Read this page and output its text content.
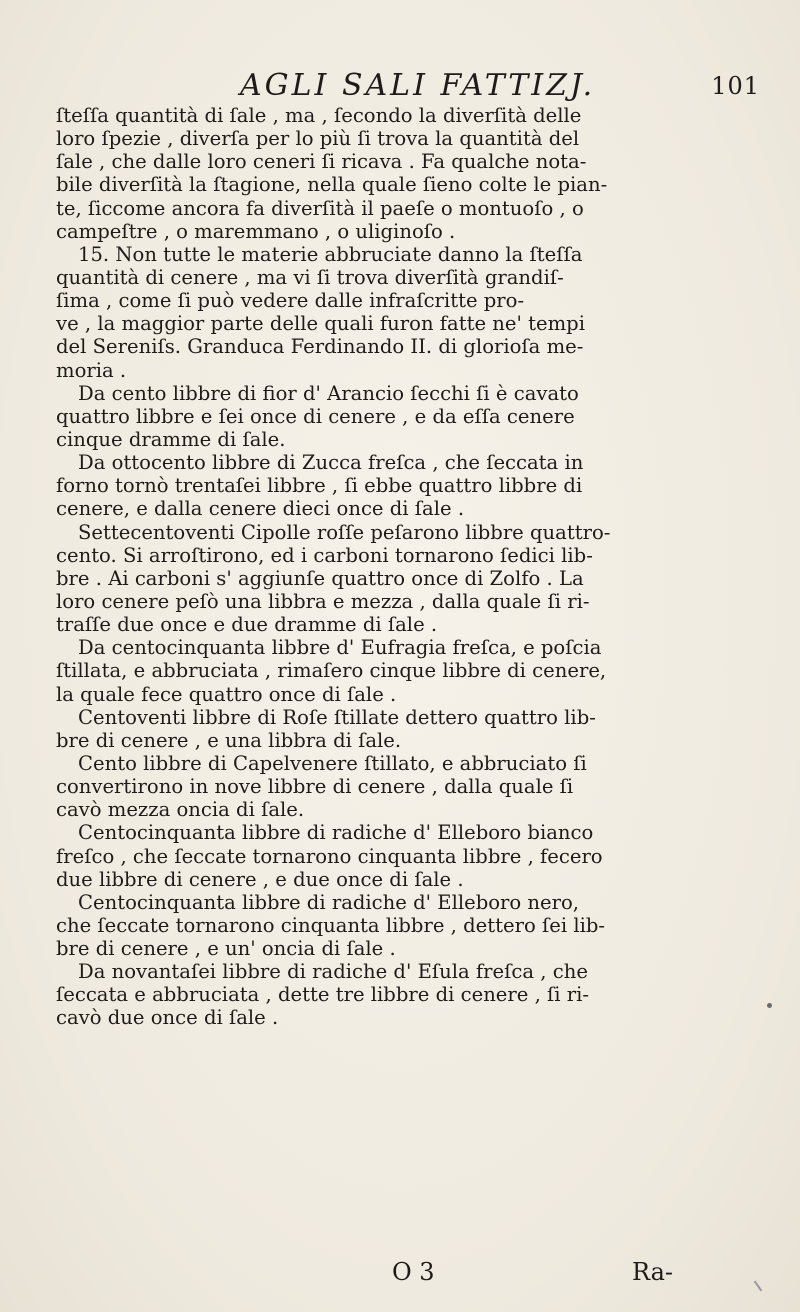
AGLI SALI FATTIZJ.	101
ſteſſa quantità di ſale , ma , ſecondo la diverſità delle
loro ſpezie , diverſa per lo più ſi trova la quantità del
ſale , che dalle loro ceneri ſi ricava . Fa qualche nota-
bile diverſità la ſtagione, nella quale ſieno colte le pian-
te, ſiccome ancora fa diverſità il paeſe o montuoſo , o
campeſtre , o maremmano , o uliginoſo .
15. Non tutte le materie abbruciate danno la ſteſſa
quantità di cenere , ma vi ſi trova diverſità grandiſ-
ſima , come ſi può vedere dalle infraſcritte pro-
ve , la maggior parte delle quali furon fatte ne' tempi
del Sereniſs. Granduca Ferdinando II. di glorioſa me-
moria .
Da cento libbre di fior d' Arancio ſecchi ſi è cavato
quattro libbre e ſei once di cenere , e da eſſa cenere
cinque dramme di ſale.
Da ottocento libbre di Zucca freſca , che ſeccata in
forno tornò trentaſei libbre , ſi ebbe quattro libbre di
cenere, e dalla cenere dieci once di ſale .
Settecentoventi Cipolle roſſe peſarono libbre quattro-
cento. Si arroſtirono, ed i carboni tornarono ſedici lib-
bre . Ai carboni s' aggiunſe quattro once di Zolfo . La
loro cenere peſò una libbra e mezza , dalla quale ſi ri-
traſſe due once e due dramme di ſale .
Da centocinquanta libbre d' Eufragia freſca, e poſcia
ſtillata, e abbruciata , rimaſero cinque libbre di cenere,
la quale fece quattro once di ſale .
Centoventi libbre di Roſe ſtillate dettero quattro lib-
bre di cenere , e una libbra di ſale.
Cento libbre di Capelvenere ſtillato, e abbruciato ſi
convertirono in nove libbre di cenere , dalla quale ſi
cavò mezza oncia di ſale.
Centocinquanta libbre di radiche d' Elleboro bianco
freſco , che ſeccate tornarono cinquanta libbre , fecero
due libbre di cenere , e due once di ſale .
Centocinquanta libbre di radiche d' Elleboro nero,
che ſeccate tornarono cinquanta libbre , dettero ſei lib-
bre di cenere , e un' oncia di ſale .
Da novantaſei libbre di radiche d' Eſula freſca , che
ſeccata e abbruciata , dette tre libbre di cenere , ſi ri-
cavò due once di ſale .
O 3	Ra-
